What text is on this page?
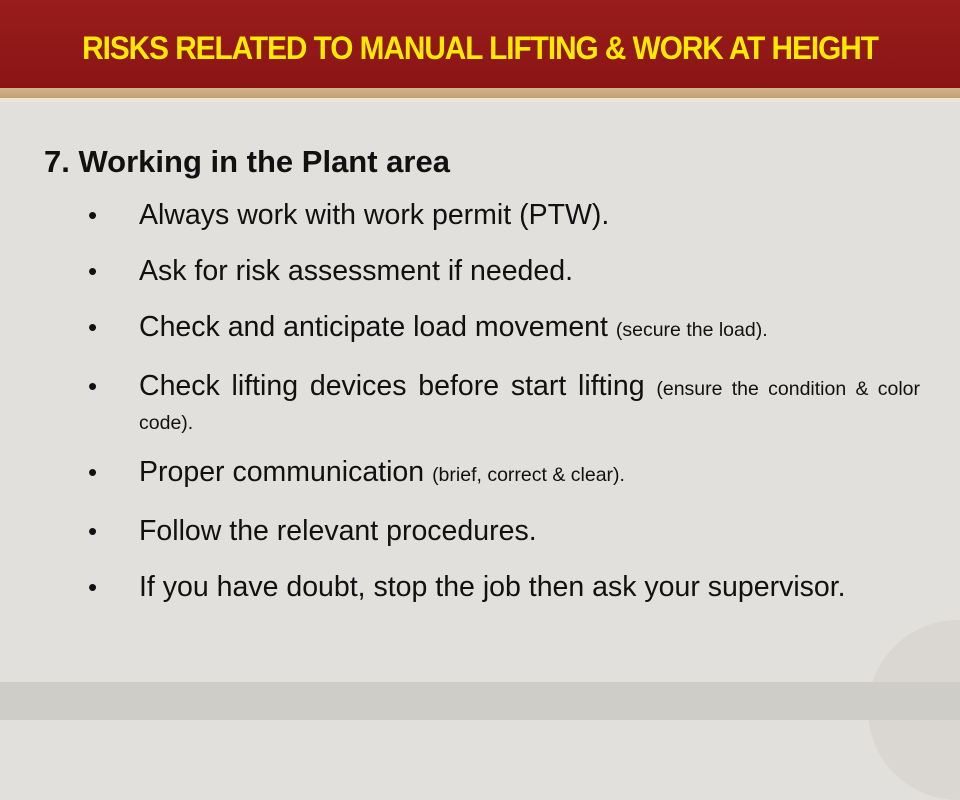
RISKS RELATED TO MANUAL LIFTING & WORK AT HEIGHT
7. Working in the Plant area
• Always work with work permit (PTW).
• Ask for risk assessment if needed.
• Check and anticipate load movement (secure the load).
• Check lifting devices before start lifting (ensure the condition & color code).
• Proper communication (brief, correct & clear).
• Follow the relevant procedures.
• If you have doubt, stop the job then ask your supervisor.
